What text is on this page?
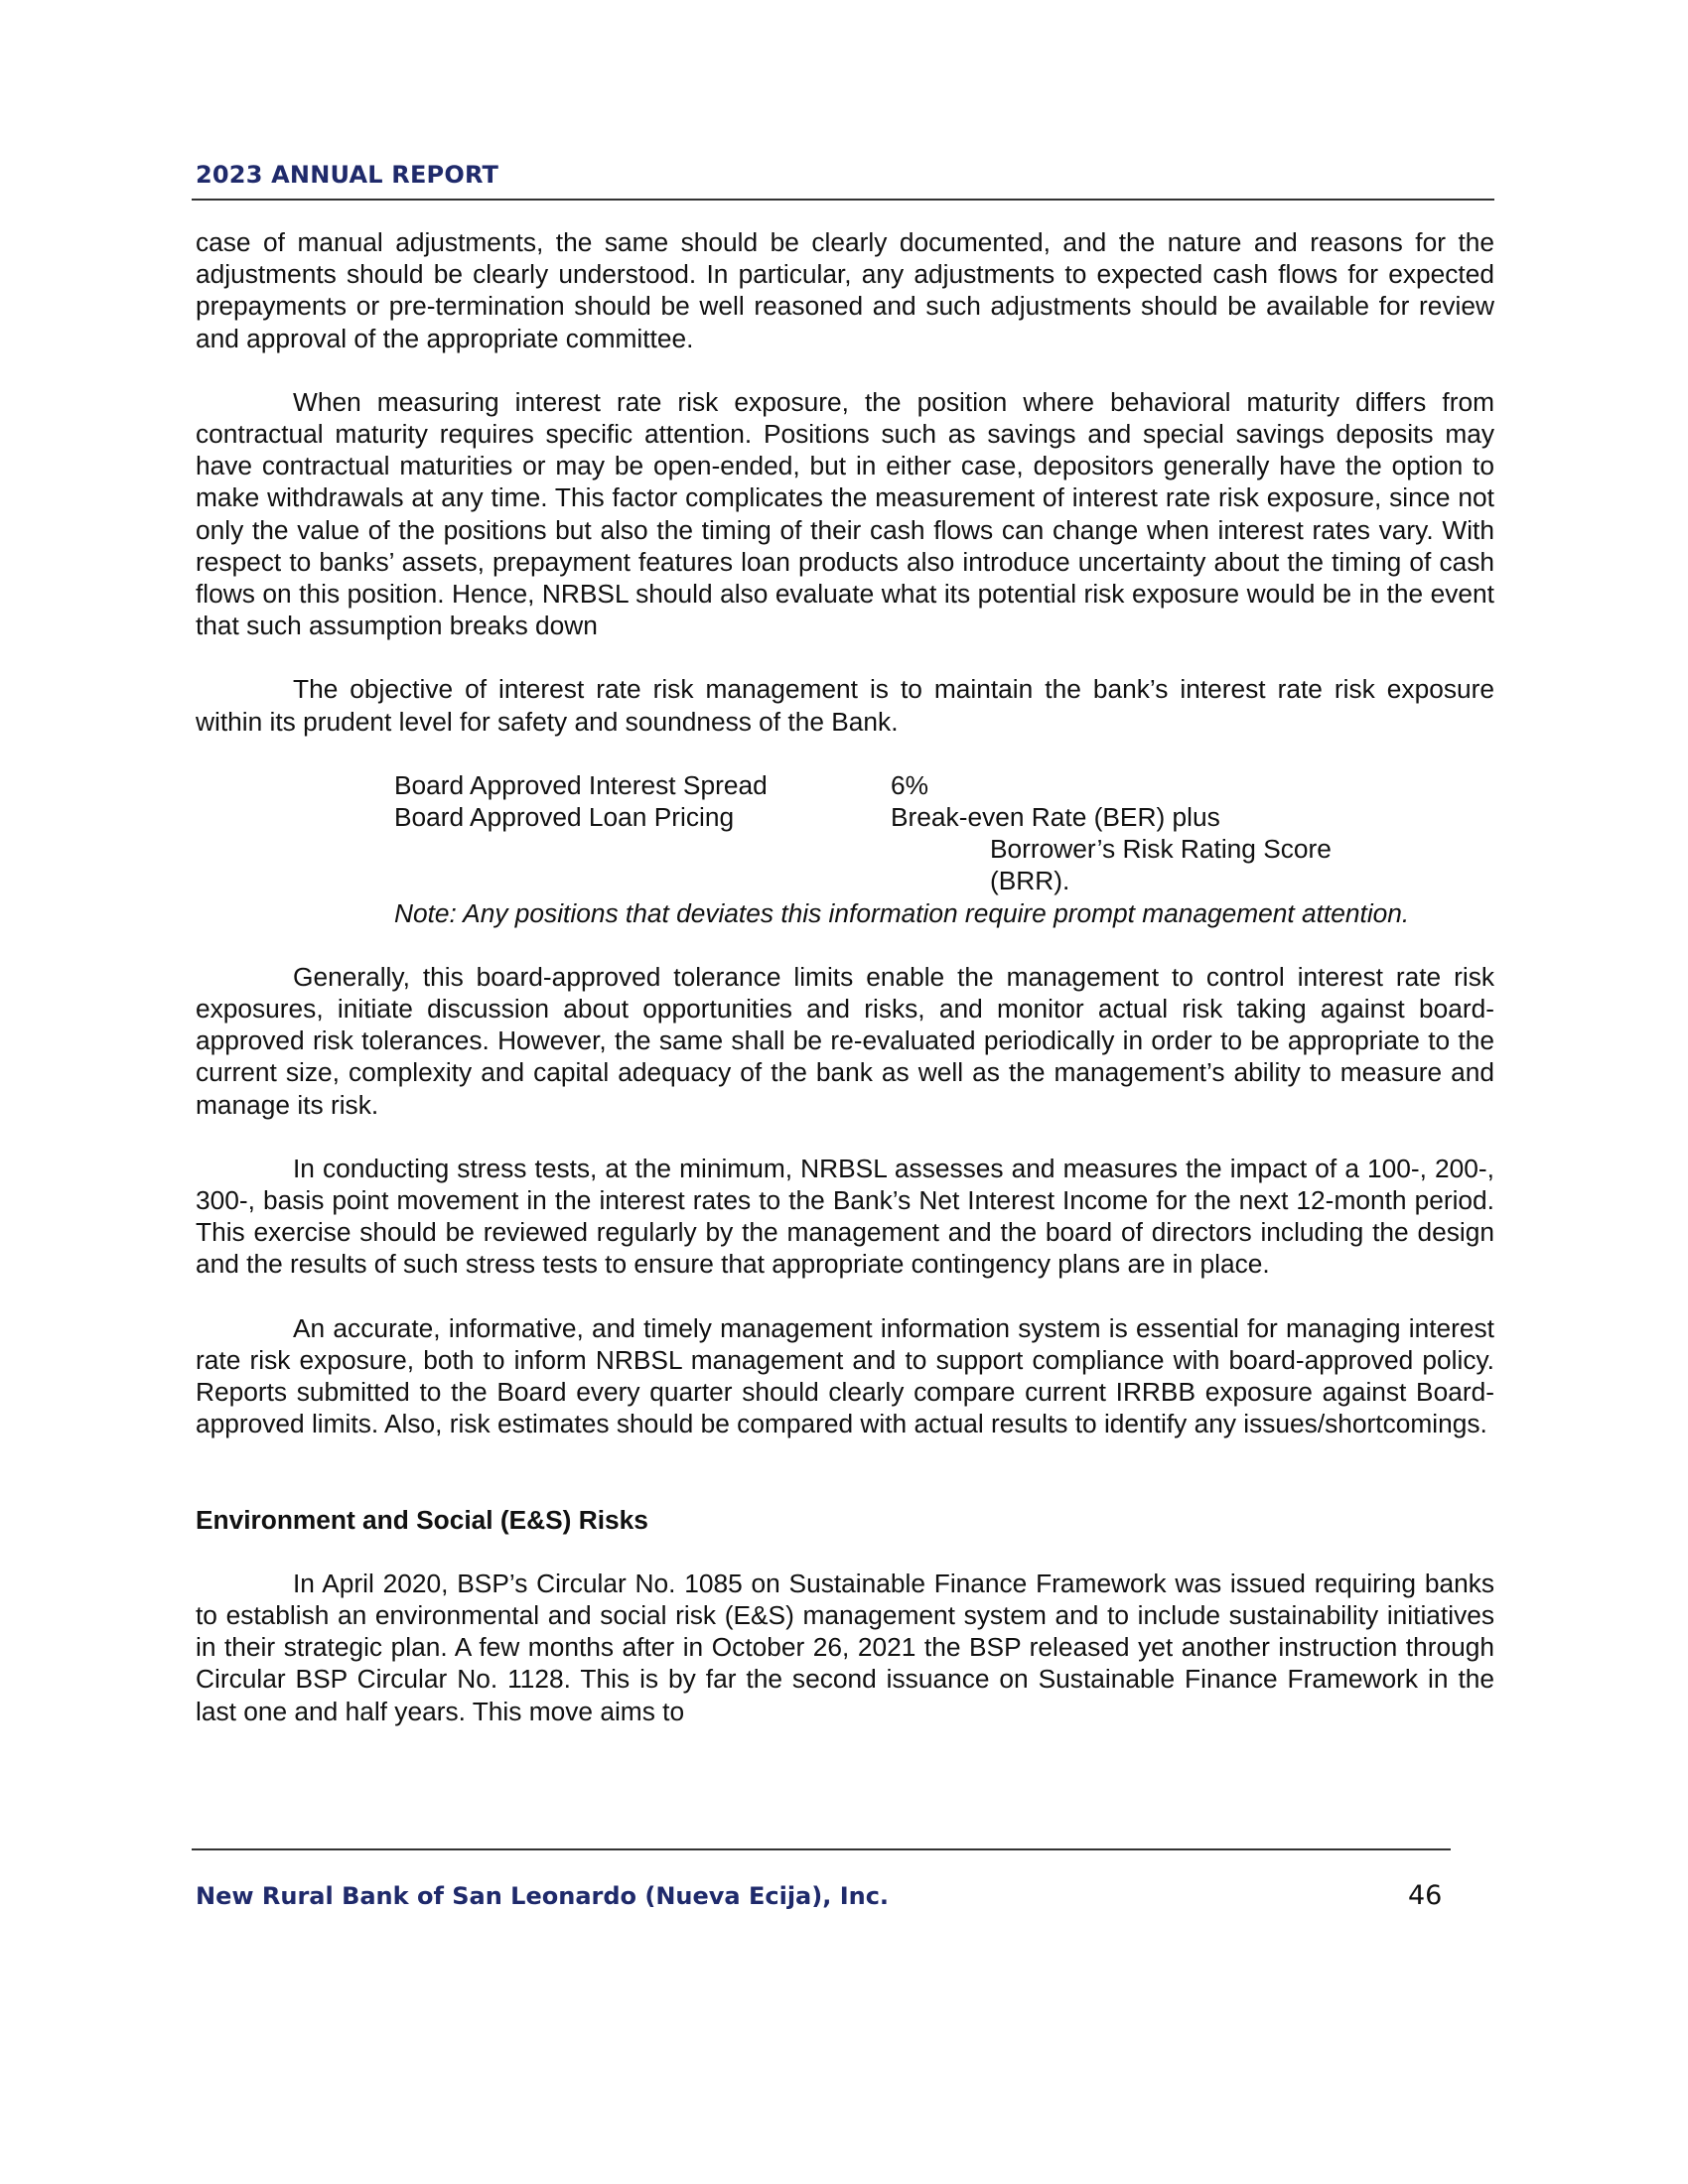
2023 ANNUAL REPORT

case of manual adjustments, the same should be clearly documented, and the nature and reasons for the adjustments should be clearly understood. In particular, any adjustments to expected cash flows for expected prepayments or pre-termination should be well reasoned and such adjustments should be available for review and approval of the appropriate committee.

When measuring interest rate risk exposure, the position where behavioral maturity differs from contractual maturity requires specific attention. Positions such as savings and special savings deposits may have contractual maturities or may be open-ended, but in either case, depositors generally have the option to make withdrawals at any time. This factor complicates the measurement of interest rate risk exposure, since not only the value of the positions but also the timing of their cash flows can change when interest rates vary. With respect to banks’ assets, prepayment features loan products also introduce uncertainty about the timing of cash flows on this position. Hence, NRBSL should also evaluate what its potential risk exposure would be in the event that such assumption breaks down

The objective of interest rate risk management is to maintain the bank’s interest rate risk exposure within its prudent level for safety and soundness of the Bank.

Board Approved Interest Spread	6%
Board Approved Loan Pricing	Break-even Rate (BER) plus
Borrower’s Risk Rating Score
(BRR).
Note: Any positions that deviates this information require prompt management attention.

Generally, this board-approved tolerance limits enable the management to control interest rate risk exposures, initiate discussion about opportunities and risks, and monitor actual risk taking against board-approved risk tolerances. However, the same shall be re-evaluated periodically in order to be appropriate to the current size, complexity and capital adequacy of the bank as well as the management’s ability to measure and manage its risk.

In conducting stress tests, at the minimum, NRBSL assesses and measures the impact of a 100-, 200-, 300-, basis point movement in the interest rates to the Bank’s Net Interest Income for the next 12-month period. This exercise should be reviewed regularly by the management and the board of directors including the design and the results of such stress tests to ensure that appropriate contingency plans are in place.

An accurate, informative, and timely management information system is essential for managing interest rate risk exposure, both to inform NRBSL management and to support compliance with board-approved policy. Reports submitted to the Board every quarter should clearly compare current IRRBB exposure against Board-approved limits. Also, risk estimates should be compared with actual results to identify any issues/shortcomings.

Environment and Social (E&S) Risks

In April 2020, BSP’s Circular No. 1085 on Sustainable Finance Framework was issued requiring banks to establish an environmental and social risk (E&S) management system and to include sustainability initiatives in their strategic plan. A few months after in October 26, 2021 the BSP released yet another instruction through Circular BSP Circular No. 1128. This is by far the second issuance on Sustainable Finance Framework in the last one and half years. This move aims to

New Rural Bank of San Leonardo (Nueva Ecija), Inc.	46
